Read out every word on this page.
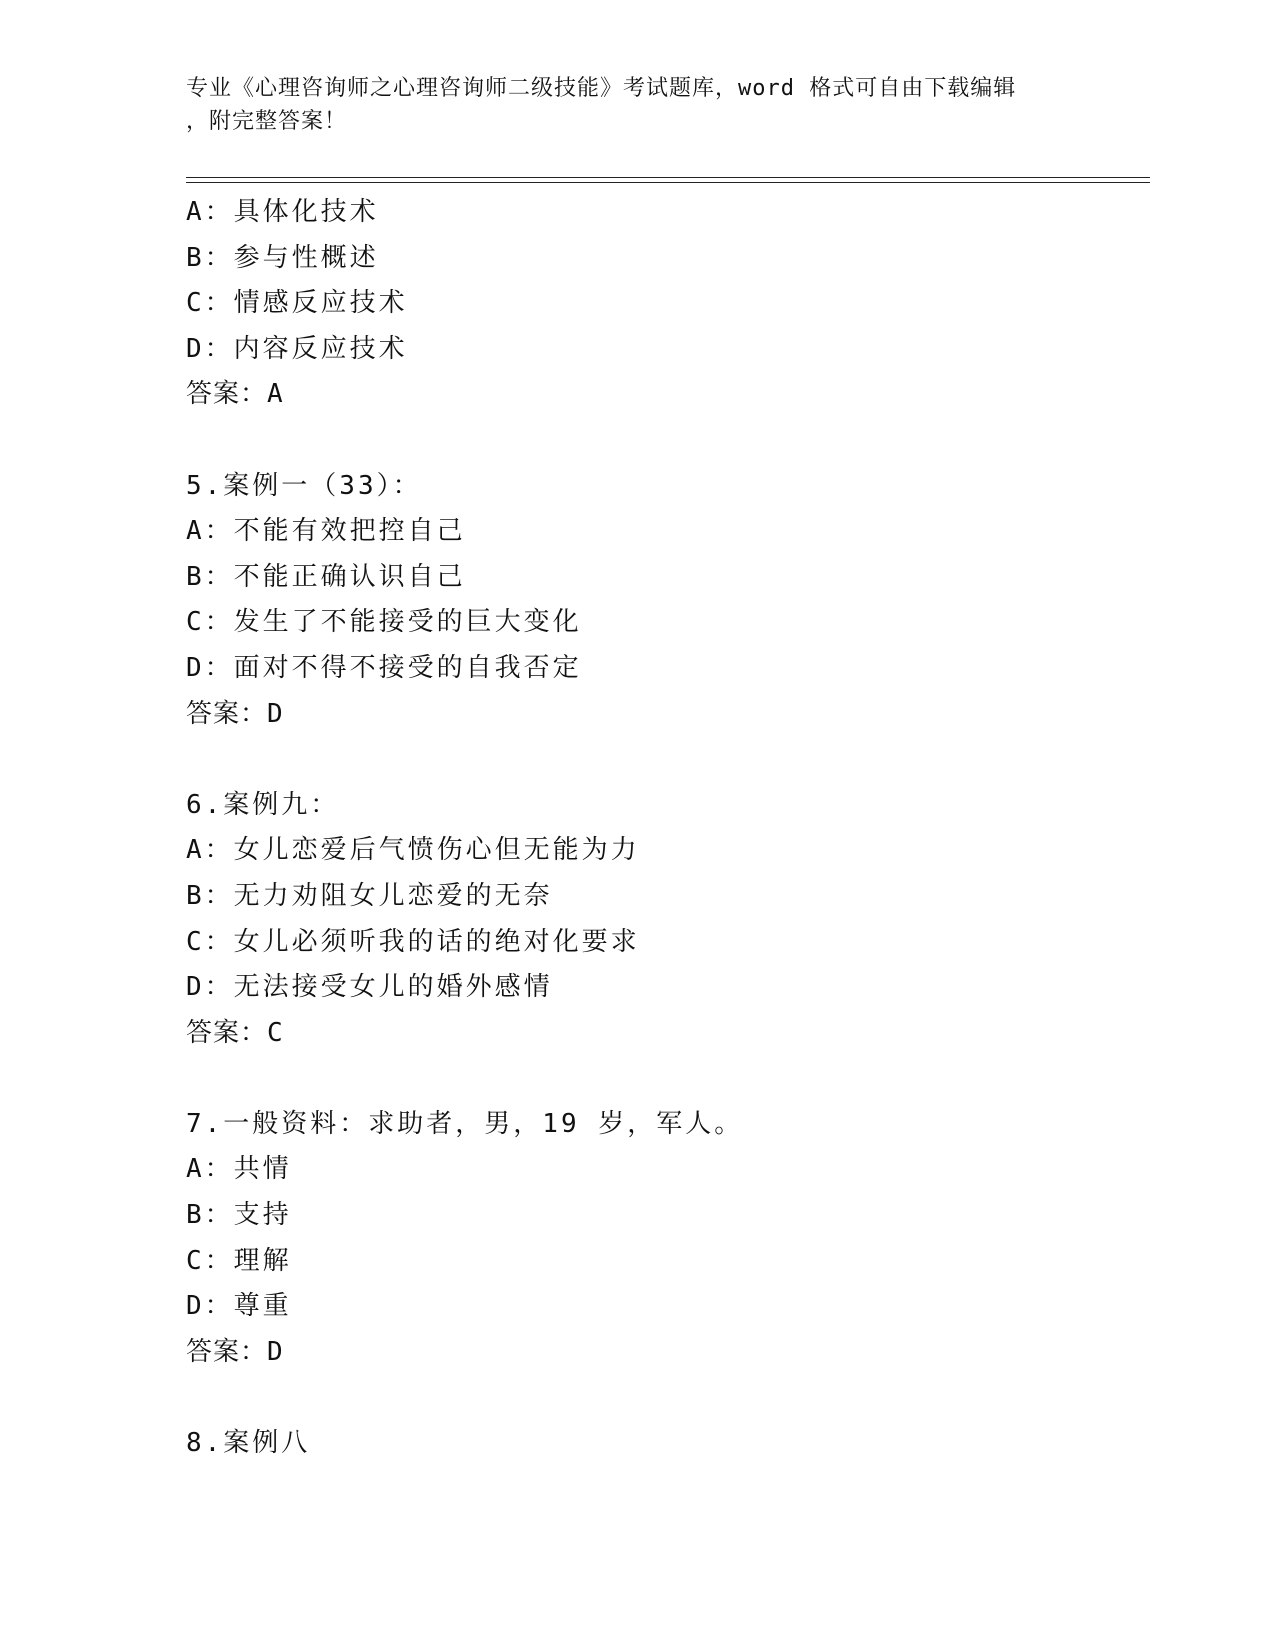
专业《心理咨询师之心理咨询师二级技能》考试题库，word 格式可自由下载编辑
，附完整答案！
A：具体化技术
B：参与性概述
C：情感反应技术
D：内容反应技术
答案：A
5.案例一（33）：
A：不能有效把控自己
B：不能正确认识自己
C：发生了不能接受的巨大变化
D：面对不得不接受的自我否定
答案：D
6.案例九：
A：女儿恋爱后气愤伤心但无能为力
B：无力劝阻女儿恋爱的无奈
C：女儿必须听我的话的绝对化要求
D：无法接受女儿的婚外感情
答案：C
7.一般资料：求助者，男，19 岁，军人。
A：共情
B：支持
C：理解
D：尊重
答案：D
8.案例八
